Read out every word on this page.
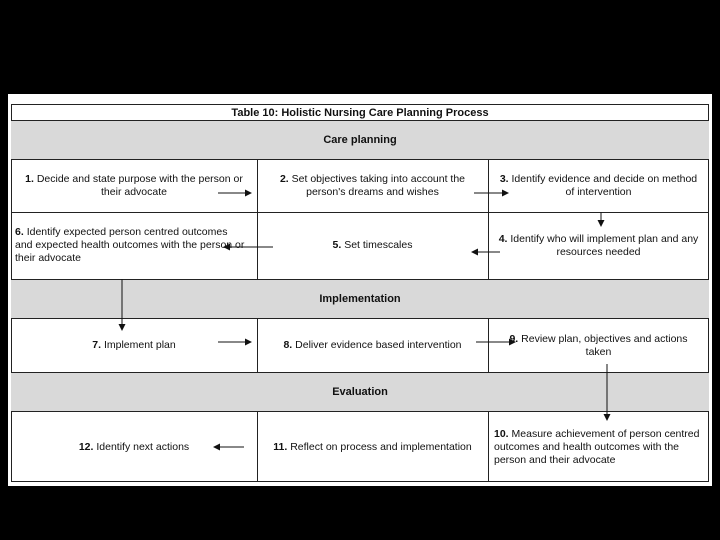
Table 10: Holistic Nursing Care Planning Process
Care planning
1. Decide and state purpose with the person or their advocate
2. Set objectives taking into account the person's dreams and wishes
3. Identify evidence and decide on method of intervention
6. Identify expected person centred outcomes and expected health outcomes with the person or their advocate
5. Set timescales
4. Identify who will implement plan and any resources needed
Implementation
7. Implement plan	8. Deliver evidence based intervention
9. Review plan, objectives and actions taken
Evaluation
12. Identify next actions	11. Reflect on process and implementation
10. Measure achievement of person centred outcomes and health outcomes with the person and their advocate
